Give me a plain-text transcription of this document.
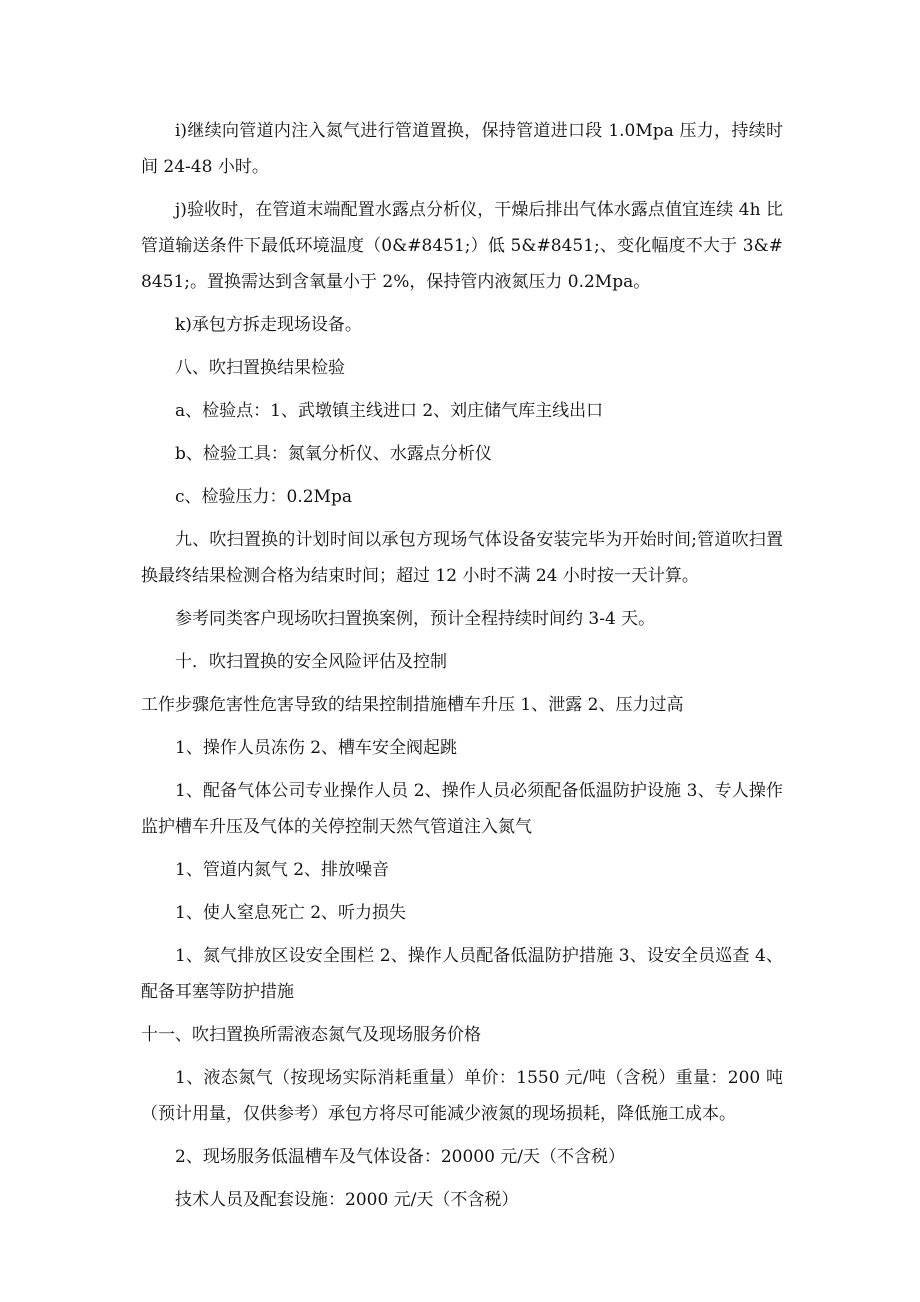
i)继续向管道内注入氮气进行管道置换，保持管道进口段 1.0Mpa 压力，持续时间 24-48 小时。

j)验收时，在管道末端配置水露点分析仪，干燥后排出气体水露点值宜连续 4h 比管道输送条件下最低环境温度（0&#8451;）低 5&#8451;、变化幅度不大于 3&#8451;。置换需达到含氧量小于 2%，保持管内液氮压力 0.2Mpa。

k)承包方拆走现场设备。

八、吹扫置换结果检验

a、检验点：1、武墩镇主线进口 2、刘庄储气库主线出口

b、检验工具：氮氧分析仪、水露点分析仪

c、检验压力：0.2Mpa

九、吹扫置换的计划时间以承包方现场气体设备安装完毕为开始时间;管道吹扫置换最终结果检测合格为结束时间；超过 12 小时不满 24 小时按一天计算。

参考同类客户现场吹扫置换案例，预计全程持续时间约 3-4 天。

十．吹扫置换的安全风险评估及控制

工作步骤危害性危害导致的结果控制措施槽车升压 1、泄露 2、压力过高

1、操作人员冻伤 2、槽车安全阀起跳

1、配备气体公司专业操作人员 2、操作人员必须配备低温防护设施 3、专人操作监护槽车升压及气体的关停控制天然气管道注入氮气

1、管道内氮气 2、排放噪音

1、使人窒息死亡 2、听力损失

1、氮气排放区设安全围栏 2、操作人员配备低温防护措施 3、设安全员巡查 4、配备耳塞等防护措施

十一、吹扫置换所需液态氮气及现场服务价格

1、液态氮气（按现场实际消耗重量）单价：1550 元/吨（含税）重量：200 吨（预计用量，仅供参考）承包方将尽可能减少液氮的现场损耗，降低施工成本。

2、现场服务低温槽车及气体设备：20000 元/天（不含税）

技术人员及配套设施：2000 元/天（不含税）
